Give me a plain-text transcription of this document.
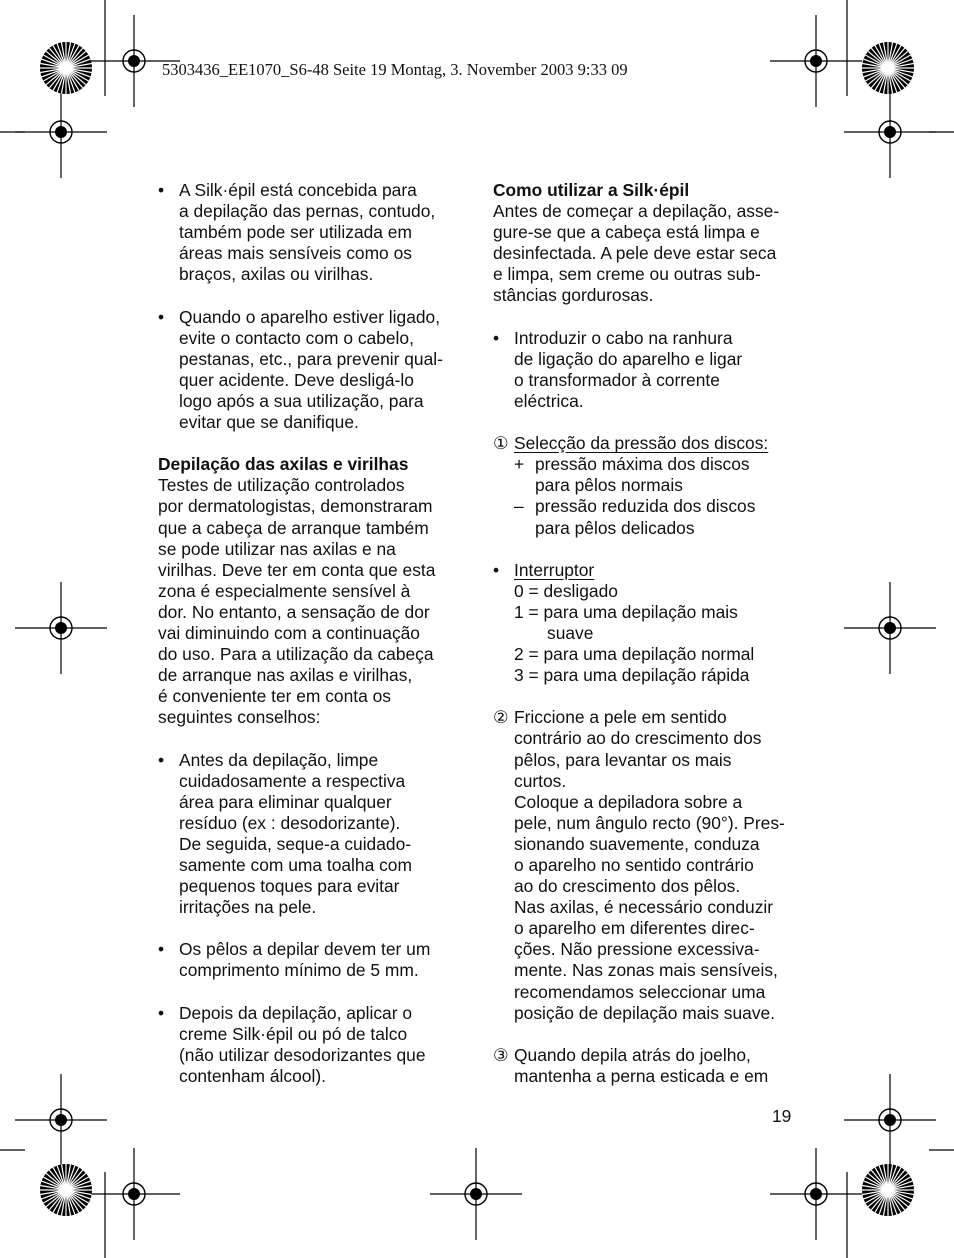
5303436_EE1070_S6-48 Seite 19 Montag, 3. November 2003 9:33 09
• A Silk·épil está concebida para
a depilação das pernas, contudo,
também pode ser utilizada em
áreas mais sensíveis como os
braços, axilas ou virilhas.
• Quando o aparelho estiver ligado,
evite o contacto com o cabelo,
pestanas, etc., para prevenir qual-
quer acidente. Deve desligá-lo
logo após a sua utilização, para
evitar que se danifique.
Depilação das axilas e virilhas
Testes de utilização controlados
por dermatologistas, demonstraram
que a cabeça de arranque também
se pode utilizar nas axilas e na
virilhas. Deve ter em conta que esta
zona é especialmente sensível à
dor. No entanto, a sensação de dor
vai diminuindo com a continuação
do uso. Para a utilização da cabeça
de arranque nas axilas e virilhas,
é conveniente ter em conta os
seguintes conselhos:
• Antes da depilação, limpe
cuidadosamente a respectiva
área para eliminar qualquer
resíduo (ex : desodorizante).
De seguida, seque-a cuidado-
samente com uma toalha com
pequenos toques para evitar
irritações na pele.
• Os pêlos a depilar devem ter um
comprimento mínimo de 5 mm.
• Depois da depilação, aplicar o
creme Silk·épil ou pó de talco
(não utilizar desodorizantes que
contenham álcool).
Como utilizar a Silk·épil
Antes de começar a depilação, asse-
gure-se que a cabeça está limpa e
desinfectada. A pele deve estar seca
e limpa, sem creme ou outras sub-
stâncias gordurosas.
• Introduzir o cabo na ranhura
de ligação do aparelho e ligar
o transformador à corrente
eléctrica.
① Selecção da pressão dos discos:
+ pressão máxima dos discos
para pêlos normais
– pressão reduzida dos discos
para pêlos delicados
• Interruptor
0 = desligado
1 = para uma depilação mais
suave
2 = para uma depilação normal
3 = para uma depilação rápida
② Friccione a pele em sentido
contrário ao do crescimento dos
pêlos, para levantar os mais
curtos.
Coloque a depiladora sobre a
pele, num ângulo recto (90°). Pres-
sionando suavemente, conduza
o aparelho no sentido contrário
ao do crescimento dos pêlos.
Nas axilas, é necessário conduzir
o aparelho em diferentes direc-
ções. Não pressione excessiva-
mente. Nas zonas mais sensíveis,
recomendamos seleccionar uma
posição de depilação mais suave.
③ Quando depila atrás do joelho,
mantenha a perna esticada e em
19
